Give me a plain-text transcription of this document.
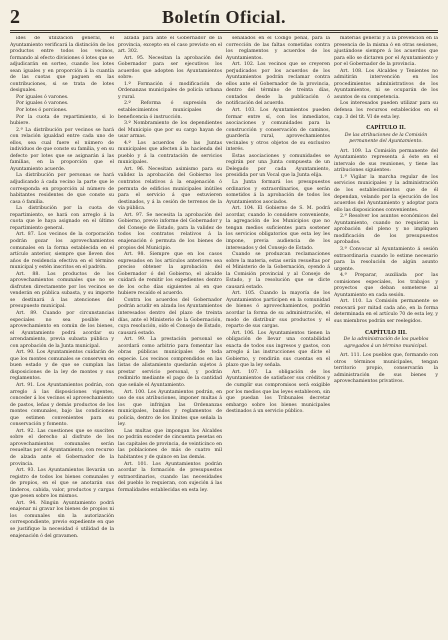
2	Boletín Oficial.

ídes de utilización general, el Ayuntamiento verificará la distinción de los productos entre todos los vecinos, formando al efecto divisiones ó lotes que se adjudicarán en sorteo, cuando los lotes sean iguales y en proporción á la cuantía de las cuotas que paguen en las contribuciones, si se trata de lotes desiguales.

Por iguales ó varones.

Por iguales ó varones.

Por lotes ó porciones.

Por la cuota de repartimiento, si lo hubiere.

2.ª La distribución por vecinos se hará con relación igualdad entre cada uno de ellos, sea cual fuere el número de individuos de que conste su familia, y en su defecto por lotes que se asignarán á las familias, en la proporción que el Ayuntamiento acuerde.

La distribución por personas se hará adjudicando á cada vecino la parte que le corresponda en proporción al número de habitantes residentes de que conste su casa ó familia.

La distribución por la cuota de repartimiento, se hará con arreglo á la cuota que le haya asignado en el último repartimiento general.

Art. 87. Los vecinos de la corporación podrán gozar los aprovechamientos comunales en la forma establecida en el artículo anterior, siempre que lleven dos años de residencia efectiva en el término municipal y estén inscritos en el padrón.

Art. 88. Los productos de los aprovechamientos comunales que no se disfruten directamente por los vecinos se venderán en pública subasta, y su importe se destinará á las atenciones del presupuesto municipal.

Art. 89. Cuando por circunstancias especiales no sea posible el aprovechamiento en común de los bienes, el Ayuntamiento podrá acordar su arrendamiento, previa subasta pública y con aprobación de la Junta municipal.

Art. 90. Los Ayuntamientos cuidarán de que los montes comunales se conserven en buen estado y de que se cumplan las disposiciones de la ley de montes y sus reglamentos.

Art. 91. Los Ayuntamientos podrán, con arreglo á las disposiciones vigentes, conceder á los vecinos el aprovechamiento de pastos, leñas y demás productos de los montes comunales, bajo las condiciones que estimen convenientes para su conservación y fomento.

Art. 92. Las cuestiones que se susciten sobre el derecho al disfrute de los aprovechamientos comunales serán resueltas por el Ayuntamiento, con recurso de alzada ante el Gobernador de la provincia.

Art. 93. Los Ayuntamientos llevarán un registro de todos los bienes comunales y de propios, en el que se anotarán sus linderos, cabida, valor, productos y cargas que pesen sobre los mismos.

Art. 94. Ningún Ayuntamiento podrá enajenar ni gravar los bienes de propios ni los comunales sin la autorización correspondiente, previo expediente en que se justifique la necesidad ó utilidad de la enajenación ó del gravamen.

alzada para ante el Gobernador de la provincia, excepto en el caso previsto en el art. 302.

Art. 95. Necesitan la aprobación del Gobernador para ser ejecutivos los acuerdos que adopten los Ayuntamientos sobre:

1.º Formación ó modificación de Ordenanzas municipales de policía urbana y rural.

2.º Reforma ó supresión de establecimientos municipales de beneficencia ó instrucción.

3.º Nombramiento de los dependientes del Municipio que por su cargo hayan de usar armas.

4.º Los acuerdos de las Juntas municipales que afecten á la hacienda del pueblo y á la contratación de servicios municipales.

Art. 96. Necesitan asimismo para su validez la aprobación del Gobierno los contratos relativos á la enajenación ó permuta de edificios municipales inútiles para el servicio á que estuvieren destinados, y á la cesión de terrenos de la vía pública.

Art. 97. Se necesita la aprobación del Gobierno, previo informe del Gobernador y del Consejo de Estado, para la validez de todos los contratos relativos á la enajenación ó permuta de los bienes de propios del Municipio.

Art. 98. Siempre que en los casos expresados en los artículos anteriores sea preciso obtener la aprobación del Gobernador ó del Gobierno, el alcalde cuidará de remitir los expedientes dentro de los ocho días siguientes al en que hubiere recaído el acuerdo.

Contra los acuerdos del Gobernador podrán acudir en alzada los Ayuntamientos interesados dentro del plazo de treinta días, ante el Ministerio de la Gobernación, cuya resolución, oído el Consejo de Estado, causará estado.

Art. 99. La prestación personal se acordará como arbitrio para fomentar las obras públicas municipales de toda especie. Los vecinos comprendidos en las listas de alistamiento quedarán sujetos á prestar servicio personal, y podrán redimirlo mediante el pago de la cantidad que señale el Ayuntamiento.

Art. 100. Los Ayuntamientos podrán, en uso de sus atribuciones, imponer multas á los que infrinjan las Ordenanzas municipales, bandos y reglamentos de policía, dentro de los límites que señala la ley.

Las multas que impongan los Alcaldes no podrán exceder de cincuenta pesetas en las capitales de provincia, de veinticinco en las poblaciones de más de cuatro mil habitantes y de quince en las demás.

Art. 101. Los Ayuntamientos podrán acordar la formación de presupuestos extraordinarios, cuando las necesidades del pueblo lo requieran, con sujeción á las formalidades establecidas en esta ley.

señalados en el Código penal, para la corrección de las faltas cometidas contra los reglamentos y acuerdos de los Ayuntamientos.

Art. 102. Los vecinos que se creyeren perjudicados por los acuerdos de los Ayuntamientos podrán reclamar contra ellos ante el Gobernador de la provincia, dentro del término de treinta días, contados desde la publicación ó notificación del acuerdo.

Art. 103. Los Ayuntamientos pueden formar entre sí, con los inmediatos, asociaciones y comunidades para la construcción y conservación de caminos, guardería rural, aprovechamientos vecinales y otros objetos de su exclusivo interés.

Estas asociaciones y comunidades se regirán por una Junta compuesta de un Delegado por cada Ayuntamiento, presidida por un Vocal que la Junta elija.

La Junta formará los presupuestos ordinarios y extraordinarios, que serán sometidos á la aprobación de todos los Ayuntamientos asociados.

Art. 104. El Gobierno de S. M. podrá acordar, cuando lo considere conveniente, la agregación de los Municipios que no tengan medios suficientes para sostener los servicios obligatorios que esta ley les impone, previa audiencia de los interesados y del Consejo de Estado.

Cuando se produzcan reclamaciones sobre la materia, estas serán resueltas por el Ministerio de la Gobernación, oyendo á la Comisión provincial y al Consejo de Estado, y la resolución que se dicte causará estado.

Art. 105. Cuando la mayoría de los Ayuntamientos participen en la comunidad de bienes ó aprovechamientos, podrán acordar la forma de su administración, el modo de distribuir sus productos y el reparto de sus cargas.

Art. 106. Los Ayuntamientos tienen la obligación de llevar una contabilidad exacta de todos sus ingresos y gastos, con arreglo á las instrucciones que dicte el Gobierno, y rendirán sus cuentas en el plazo que la ley señala.

Art. 107. La obligación de los Ayuntamientos de satisfacer sus créditos y de cumplir sus compromisos será exigible por los medios que las leyes establecen, sin que puedan los Tribunales decretar embargo sobre los bienes municipales destinados á un servicio público.

materias general y á la prevención en la presencia de la misma ó en otras sesiones, ajustándose siempre á los acuerdos que para ello se dictaren por el Ayuntamiento y por el Gobernador de la provincia.

Art. 108. Los Alcaldes y Tenientes no admitirán intervención en los procedimientos administrativos de los Ayuntamientos, ni se ocuparán de los asuntos de su competencia.

Los interesados pueden utilizar para su defensa los recursos establecidos en el cap. 3 del tít. VI de esta ley.

CAPÍTULO II.

De las atribuciones de la Comisión permanente del Ayuntamiento.

Art. 109. La Comisión permanente del Ayuntamiento representa á éste en el intervalo de sus reuniones, y tiene las atribuciones siguientes:

1.ª Vigilar la marcha regular de los servicios municipales y la administración de los establecimientos que de él dependan, velando por la ejecución de los acuerdos del Ayuntamiento y adoptar para ello las disposiciones convenientes.

2.ª Resolver los asuntos económicos del Ayuntamiento, cuando no requieran la aprobación del pleno y no impliquen modificación de los presupuestos aprobados.

3.ª Convocar al Ayuntamiento á sesión extraordinaria cuando lo estime necesario para la resolución de algún asunto urgente.

4.ª Preparar, auxiliada por las comisiones especiales, los trabajos y proyectos que deban someterse al Ayuntamiento en cada sesión.

Art. 110. La Comisión permanente se renovará por mitad cada año, en la forma determinada en el artículo 70 de esta ley, y sus miembros podrán ser reelegidos.

CAPÍTULO III.

De la administración de los pueblos agregados á un término municipal.

Art. 111. Los pueblos que, formando con otros términos municipales, tengan territorio propio, conservarán la administración de sus bienes y aprovechamientos privativos.
